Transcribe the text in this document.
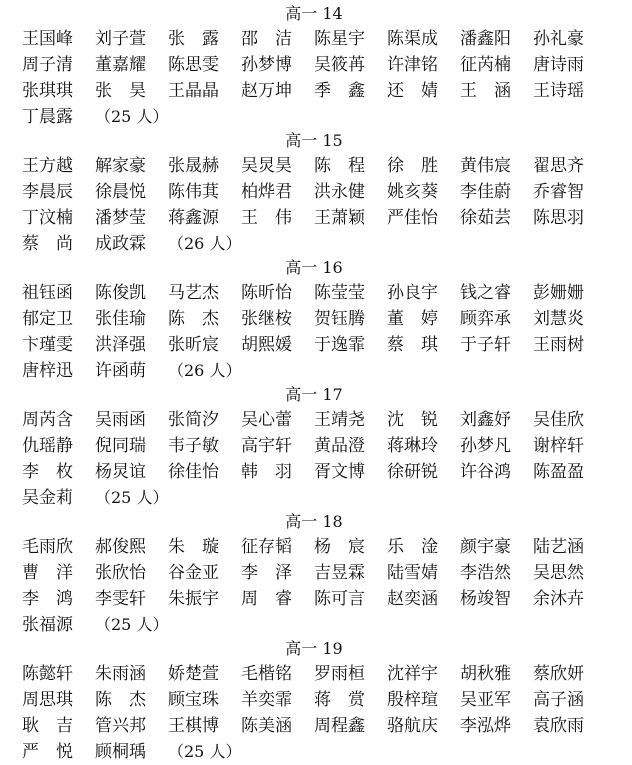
高一 14
王国峰	刘子萱	张　露	邵　洁	陈星宇	陈渠成	潘鑫阳	孙礼豪
周子清	董嘉耀	陈思雯	孙梦博	吴筱苒	许津铭	征芮楠	唐诗雨
张琪琪	张　昊	王晶晶	赵万坤	季　鑫	还　婧	王　涵	王诗瑶
丁晨露	（25 人）
高一 15
王方越	解家豪	张晟赫	吴炅昊	陈　程	徐　胜	黄伟宸	翟思齐
李晨辰	徐晨悦	陈伟萁	柏烨君	洪永健	姚亥葵	李佳蔚	乔睿智
丁汶楠	潘梦莹	蒋鑫源	王　伟	王萧颖	严佳怡	徐茹芸	陈思羽
蔡　尚	成政霖	（26 人）
高一 16
祖钰函	陈俊凯	马艺杰	陈昕怡	陈莹莹	孙良宇	钱之睿	彭姗姗
郁定卫	张佳瑜	陈　杰	张继桉	贺钰腾	董　婷	顾弈承	刘慧炎
卞瑾雯	洪泽强	张昕宸	胡熙媛	于逸霏	蔡　琪	于子轩	王雨树
唐梓迅	许函萌	（26 人）
高一 17
周芮含	吴雨函	张简汐	吴心蕾	王靖尧	沈　锐	刘鑫妤	吴佳欣
仇瑶静	倪同瑞	韦子敏	高宇轩	黄品澄	蒋琳玲	孙梦凡	谢梓轩
李　枚	杨炅谊	徐佳怡	韩　羽	胥文博	徐研锐	许谷鸿	陈盈盈
吴金莉	（25 人）
高一 18
毛雨欣	郝俊熙	朱　璇	征存韬	杨　宸	乐　淦	颜宇豪	陆艺涵
曹　洋	张欣怡	谷金亚	李　泽	吉昱霖	陆雪婧	李浩然	吴思然
李　鸿	李雯轩	朱振宇	周　睿	陈可言	赵奕涵	杨竣智	余沐卉
张福源	（25 人）
高一 19
陈懿轩	朱雨涵	娇楚萱	毛楷铭	罗雨桓	沈祥宇	胡秋雅	蔡欣妍
周思琪	陈　杰	顾宝珠	羊奕霏	蒋　赏	殷梓瑄	吴亚军	高子涵
耿　吉	管兴邦	王棋博	陈美涵	周程鑫	骆航庆	李泓烨	袁欣雨
严　悦	顾桐瑀	（25 人）
